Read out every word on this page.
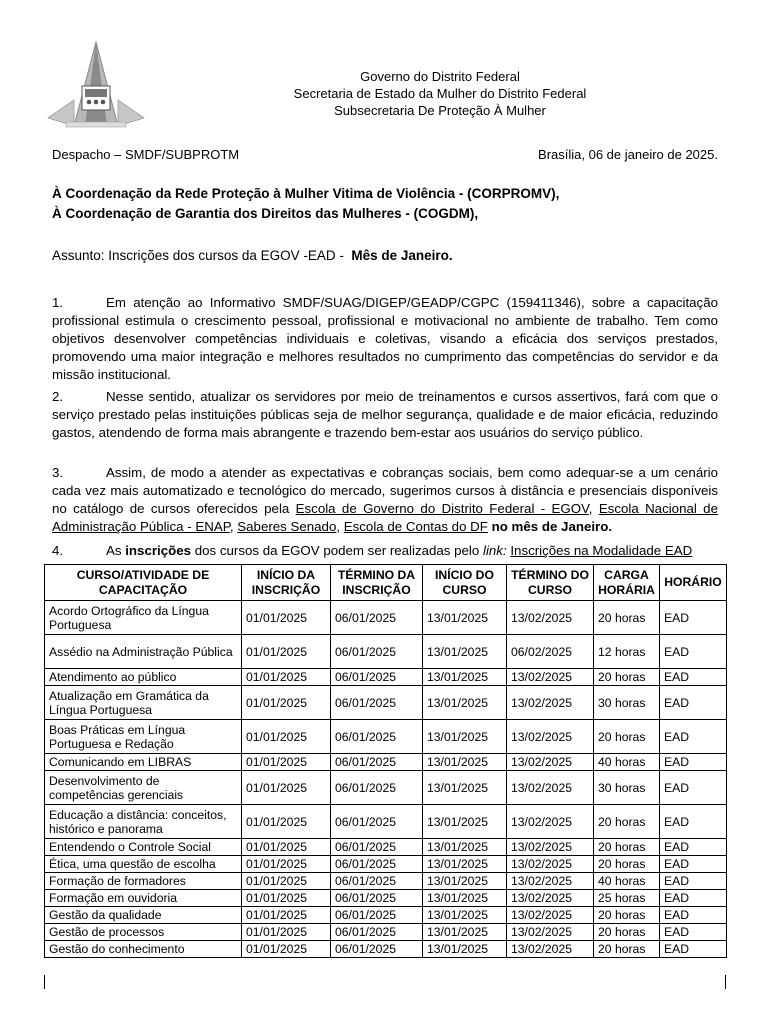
Governo do Distrito Federal
Secretaria de Estado da Mulher do Distrito Federal
Subsecretaria De Proteção À Mulher
Despacho – SMDF/SUBPROTM	Brasília, 06 de janeiro de 2025.
À Coordenação da Rede Proteção à Mulher Vitima de Violência - (CORPROMV),
À Coordenação de Garantia dos Direitos das Mulheres - (COGDM),
Assunto: Inscrições dos cursos da EGOV -EAD - Mês de Janeiro.
1.	Em atenção ao Informativo SMDF/SUAG/DIGEP/GEADP/CGPC (159411346), sobre a capacitação profissional estimula o crescimento pessoal, profissional e motivacional no ambiente de trabalho. Tem como objetivos desenvolver competências individuais e coletivas, visando a eficácia dos serviços prestados, promovendo uma maior integração e melhores resultados no cumprimento das competências do servidor e da missão institucional.
2.	Nesse sentido, atualizar os servidores por meio de treinamentos e cursos assertivos, fará com que o serviço prestado pelas instituições públicas seja de melhor segurança, qualidade e de maior eficácia, reduzindo gastos, atendendo de forma mais abrangente e trazendo bem-estar aos usuários do serviço público.
3.	Assim, de modo a atender as expectativas e cobranças sociais, bem como adequar-se a um cenário cada vez mais automatizado e tecnológico do mercado, sugerimos cursos à distância e presenciais disponíveis no catálogo de cursos oferecidos pela Escola de Governo do Distrito Federal - EGOV, Escola Nacional de Administração Pública - ENAP, Saberes Senado, Escola de Contas do DF no mês de Janeiro.
4.	As inscrições dos cursos da EGOV podem ser realizadas pelo link: Inscrições na Modalidade EAD
CURSO/ATIVIDADE DE CAPACITAÇÃO	INÍCIO DA INSCRIÇÃO	TÉRMINO DA INSCRIÇÃO	INÍCIO DO CURSO	TÉRMINO DO CURSO	CARGA HORÁRIA	HORÁRIO
Acordo Ortográfico da Língua Portuguesa	01/01/2025	06/01/2025	13/01/2025	13/02/2025	20 horas	EAD
Assédio na Administração Pública	01/01/2025	06/01/2025	13/01/2025	06/02/2025	12 horas	EAD
Atendimento ao público	01/01/2025	06/01/2025	13/01/2025	13/02/2025	20 horas	EAD
Atualização em Gramática da Língua Portuguesa	01/01/2025	06/01/2025	13/01/2025	13/02/2025	30 horas	EAD
Boas Práticas em Língua Portuguesa e Redação	01/01/2025	06/01/2025	13/01/2025	13/02/2025	20 horas	EAD
Comunicando em LIBRAS	01/01/2025	06/01/2025	13/01/2025	13/02/2025	40 horas	EAD
Desenvolvimento de competências gerenciais	01/01/2025	06/01/2025	13/01/2025	13/02/2025	30 horas	EAD
Educação a distância: conceitos, histórico e panorama	01/01/2025	06/01/2025	13/01/2025	13/02/2025	20 horas	EAD
Entendendo o Controle Social	01/01/2025	06/01/2025	13/01/2025	13/02/2025	20 horas	EAD
Ética, uma questão de escolha	01/01/2025	06/01/2025	13/01/2025	13/02/2025	20 horas	EAD
Formação de formadores	01/01/2025	06/01/2025	13/01/2025	13/02/2025	40 horas	EAD
Formação em ouvidoria	01/01/2025	06/01/2025	13/01/2025	13/02/2025	25 horas	EAD
Gestão da qualidade	01/01/2025	06/01/2025	13/01/2025	13/02/2025	20 horas	EAD
Gestão de processos	01/01/2025	06/01/2025	13/01/2025	13/02/2025	20 horas	EAD
Gestão do conhecimento	01/01/2025	06/01/2025	13/01/2025	13/02/2025	20 horas	EAD
